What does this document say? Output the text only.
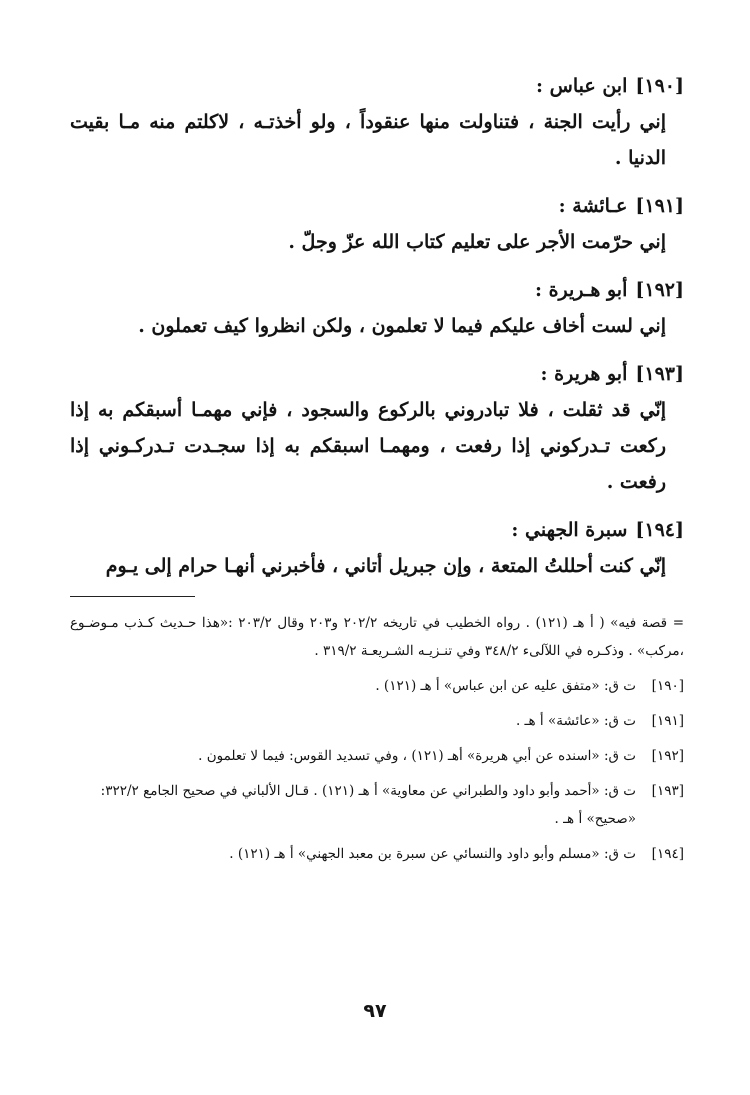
[١٩٠]ابن عباس :
إني رأيت الجنة ، فتناولت منها عنقوداً ، ولو أخذتـه ، لاكلتم منه مـا بقيت الدنيا .
[١٩١]عـائشة :
إني حرّمت الأجر على تعليم كتاب الله عزّ وجلّ .
[١٩٢]أبو هـريرة :
إني لست أخاف عليكم فيما لا تعلمون ، ولكن انظروا كيف تعملون .
[١٩٣]أبو هريرة :
إنّي قد ثقلت ، فلا تبادروني بالركوع والسجود ، فإني مهمـا أسبقكم به إذا ركعت تـدركوني إذا رفعت ، ومهمـا اسبقكم به إذا سجـدت تـدركـوني إذا رفعت .
[١٩٤]سبرة الجهني :
إنّي كنت أحللتُ المتعة ، وإن جبريل أتاني ، فأخبرني أنهـا حرام إلى يـوم
= قصة فيه» ( أ هـ (١٢١) . رواه الخطيب في تاريخه ٢٠٢/٢ و٢٠٣ وقال ٢٠٣/٢ :«هذا حـديث كـذب مـوضـوع ،مركب» . وذكـره في اللآلىء ٣٤٨/٢ وفي تنـزيـه الشـريعـة ٣١٩/٢ .
[١٩٠]
ت ق: «متفق عليه عن ابن عباس» أ هـ (١٢١) .
[١٩١]
ت ق: «عائشة» أ هـ .
[١٩٢]
ت ق: «اسنده عن أبي هريرة» أهـ (١٢١) ، وفي تسديد القوس: فيما لا تعلمون .
[١٩٣]
ت ق: «أحمد وأبو داود والطبراني عن معاوية» أ هـ (١٢١) . قـال الألباني في صحيح الجامع ٣٢٢/٢: «صحيح» أ هـ .
[١٩٤]
ت ق: «مسلم وأبو داود والنسائي عن سبرة بن معبد الجهني» أ هـ (١٢١) .
٩٧
